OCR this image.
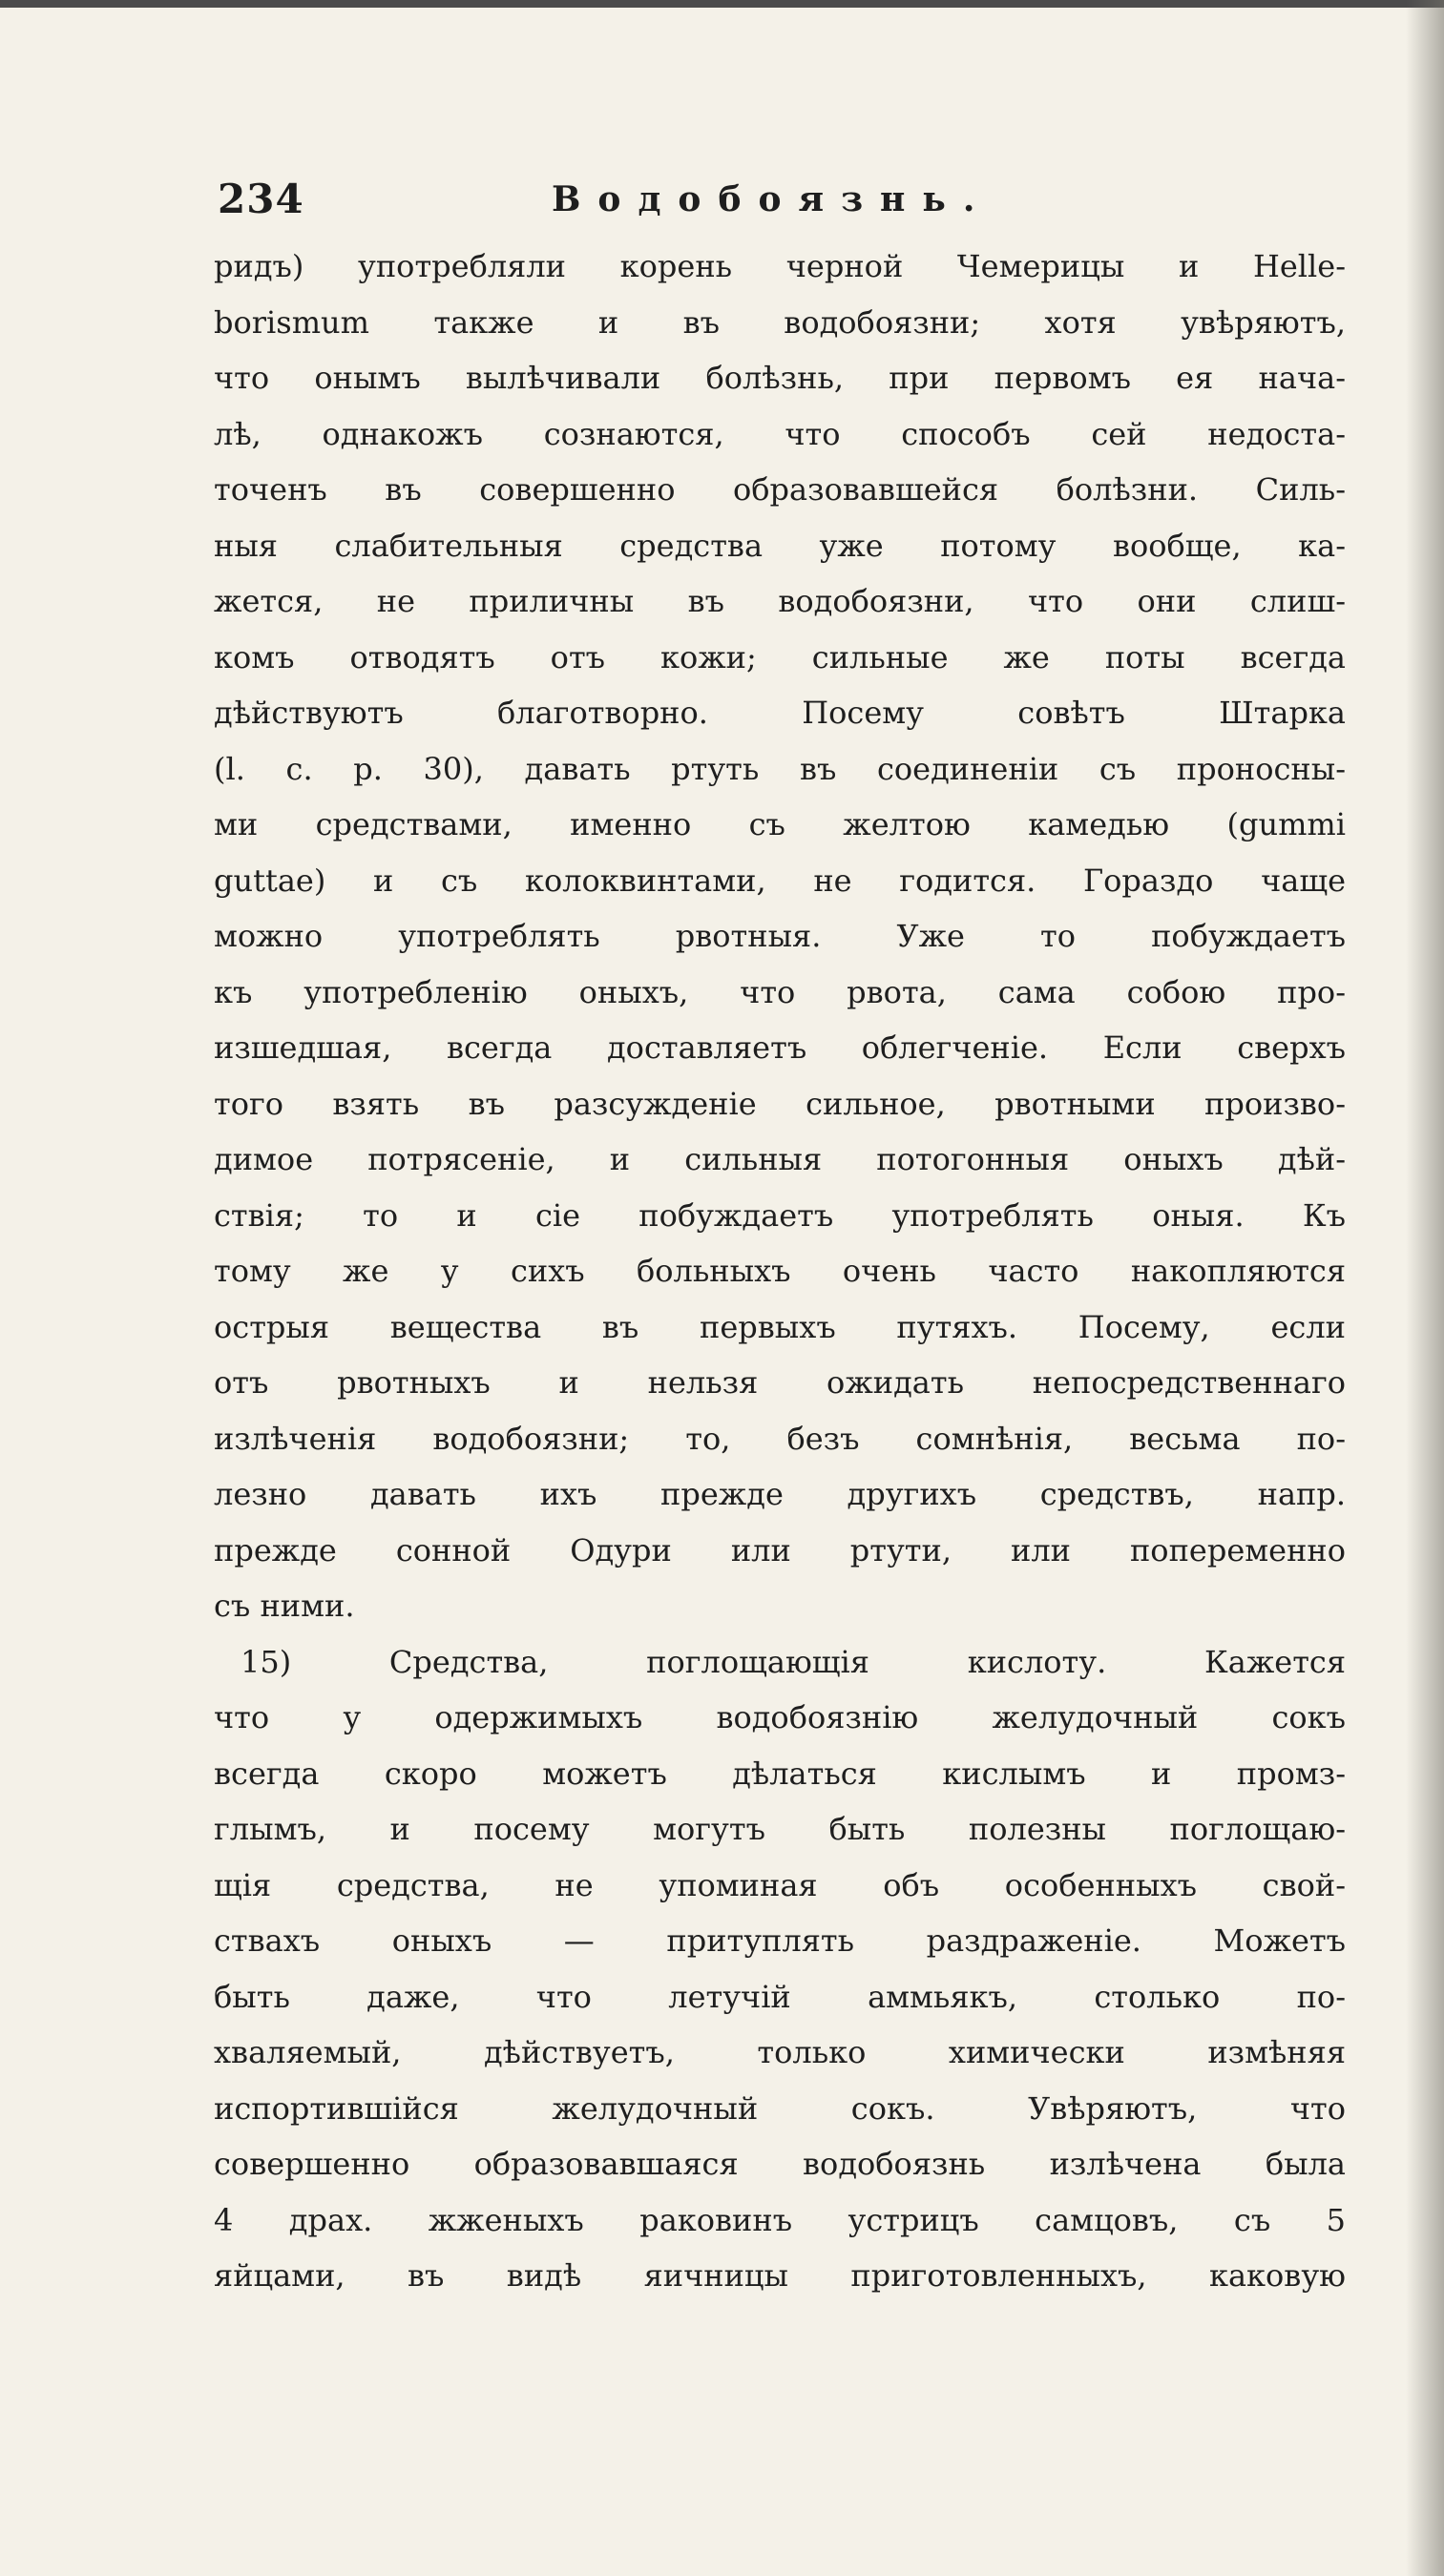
234	Водобоязнь.
ридъ) употребляли корень черной Чемерицы и Helle-
borismum также и въ водобоязни; хотя увѣряютъ,
что онымъ вылѣчивали болѣзнь, при первомъ ея нача-
лѣ, однакожъ сознаются, что способъ сей недоста-
точенъ въ совершенно образовавшейся болѣзни. Силь-
ныя слабительныя средства уже потому вообще, ка-
жется, не приличны въ водобоязни, что они слиш-
комъ отводятъ отъ кожи; сильные же поты всегда
дѣйствуютъ благотворно. Посему совѣтъ Штарка
(l. c. p. 30), давать ртуть въ соединеніи съ проносны-
ми средствами, именно съ желтою камедью (gummi
guttae) и съ колоквинтами, не годится. Гораздо чаще
можно употреблять рвотныя. Уже то побуждаетъ
къ употребленію оныхъ, что рвота, сама собою про-
изшедшая, всегда доставляетъ облегченіе. Если сверхъ
того взять въ разсужденіе сильное, рвотными произво-
димое потрясеніе, и сильныя потогонныя оныхъ дѣй-
ствія; то и сіе побуждаетъ употреблять оныя. Къ
тому же у сихъ больныхъ очень часто накопляются
острыя вещества въ первыхъ путяхъ. Посему, если
отъ рвотныхъ и нельзя ожидать непосредственнаго
излѣченія водобоязни; то, безъ сомнѣнія, весьма по-
лезно давать ихъ прежде другихъ средствъ, напр.
прежде сонной Одури или ртути, или попеременно
съ ними.
15) Средства, поглощающія кислоту. Кажется
что у одержимыхъ водобоязнію желудочный сокъ
всегда скоро можетъ дѣлаться кислымъ и промз-
глымъ, и посему могутъ быть полезны поглощаю-
щія средства, не упоминая объ особенныхъ свой-
ствахъ оныхъ — притуплять раздраженіе. Можетъ
быть даже, что летучій аммьякъ, столько по-
хваляемый, дѣйствуетъ, только химически измѣняя
испортившійся желудочный сокъ. Увѣряютъ, что
совершенно образовавшаяся водобоязнь излѣчена была
4 драх. жженыхъ раковинъ устрицъ самцовъ, съ 5
яйцами, въ видѣ яичницы приготовленныхъ, каковую
